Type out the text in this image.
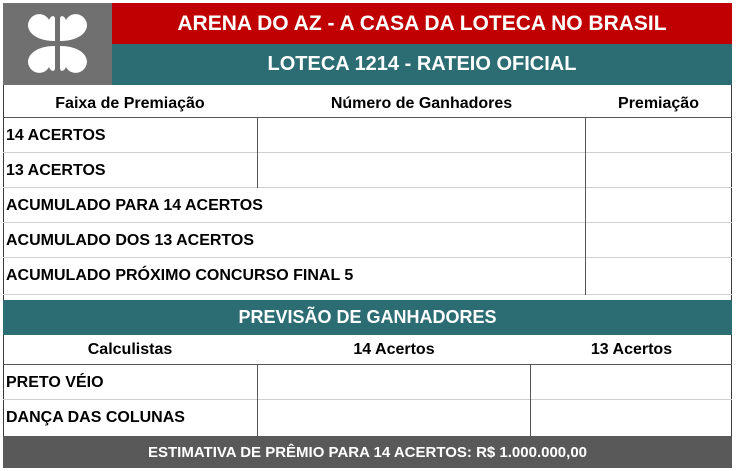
ARENA DO AZ - A CASA DA LOTECA NO BRASIL
LOTECA 1214 - RATEIO OFICIAL
Faixa de Premiação	Número de Ganhadores	Premiação
14 ACERTOS
13 ACERTOS
ACUMULADO PARA 14 ACERTOS
ACUMULADO DOS 13 ACERTOS
ACUMULADO PRÓXIMO CONCURSO FINAL 5
PREVISÃO DE GANHADORES
Calculistas	14 Acertos	13 Acertos
PRETO VÉIO
DANÇA DAS COLUNAS
ESTIMATIVA DE PRÊMIO PARA 14 ACERTOS: R$ 1.000.000,00
